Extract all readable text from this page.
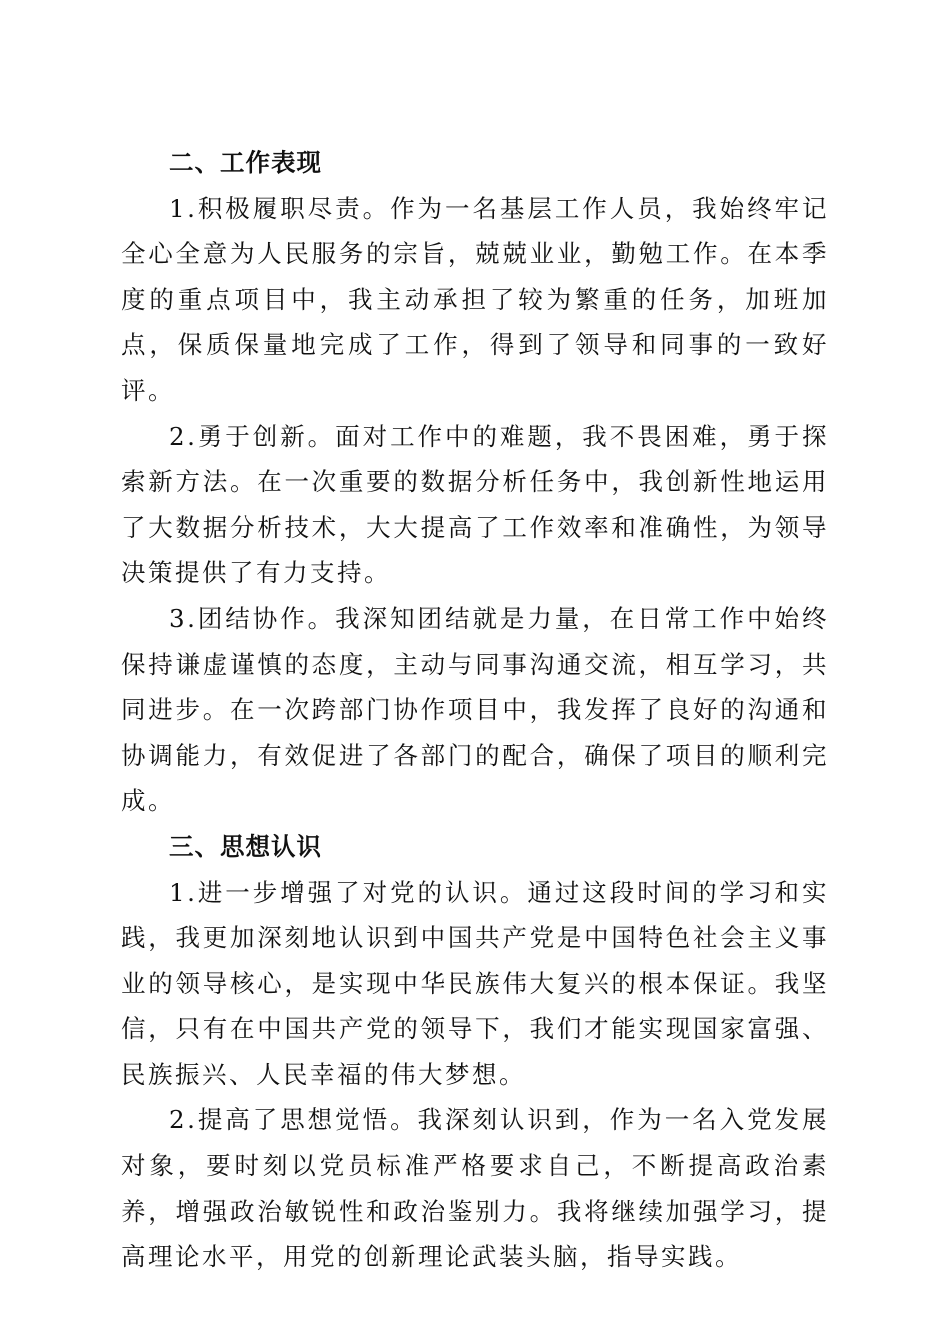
二、工作表现

1.积极履职尽责。作为一名基层工作人员，我始终牢记全心全意为人民服务的宗旨，兢兢业业，勤勉工作。在本季度的重点项目中，我主动承担了较为繁重的任务，加班加点，保质保量地完成了工作，得到了领导和同事的一致好评。

2.勇于创新。面对工作中的难题，我不畏困难，勇于探索新方法。在一次重要的数据分析任务中，我创新性地运用了大数据分析技术，大大提高了工作效率和准确性，为领导决策提供了有力支持。

3.团结协作。我深知团结就是力量，在日常工作中始终保持谦虚谨慎的态度，主动与同事沟通交流，相互学习，共同进步。在一次跨部门协作项目中，我发挥了良好的沟通和协调能力，有效促进了各部门的配合，确保了项目的顺利完成。

三、思想认识

1.进一步增强了对党的认识。通过这段时间的学习和实践，我更加深刻地认识到中国共产党是中国特色社会主义事业的领导核心，是实现中华民族伟大复兴的根本保证。我坚信，只有在中国共产党的领导下，我们才能实现国家富强、民族振兴、人民幸福的伟大梦想。

2.提高了思想觉悟。我深刻认识到，作为一名入党发展对象，要时刻以党员标准严格要求自己，不断提高政治素养，增强政治敏锐性和政治鉴别力。我将继续加强学习，提高理论水平，用党的创新理论武装头脑，指导实践。
